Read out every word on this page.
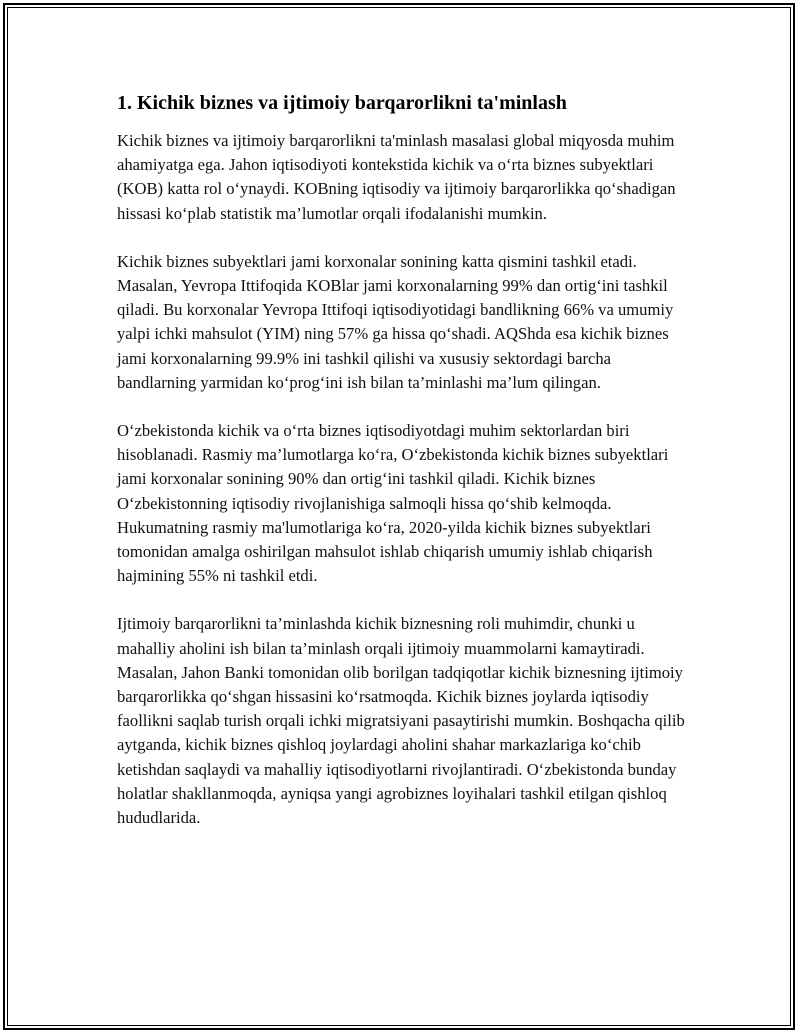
1. Kichik biznes va ijtimoiy barqarorlikni ta'minlash

Kichik biznes va ijtimoiy barqarorlikni ta'minlash masalasi global miqyosda muhim ahamiyatga ega. Jahon iqtisodiyoti kontekstida kichik va o‘rta biznes subyektlari (KOB) katta rol o‘ynaydi. KOBning iqtisodiy va ijtimoiy barqarorlikka qo‘shadigan hissasi ko‘plab statistik ma’lumotlar orqali ifodalanishi mumkin.

Kichik biznes subyektlari jami korxonalar sonining katta qismini tashkil etadi. Masalan, Yevropa Ittifoqida KOBlar jami korxonalarning 99% dan ortig‘ini tashkil qiladi. Bu korxonalar Yevropa Ittifoqi iqtisodiyotidagi bandlikning 66% va umumiy yalpi ichki mahsulot (YIM) ning 57% ga hissa qo‘shadi. AQShda esa kichik biznes jami korxonalarning 99.9% ini tashkil qilishi va xususiy sektordagi barcha bandlarning yarmidan ko‘prog‘ini ish bilan ta’minlashi ma’lum qilingan.

O‘zbekistonda kichik va o‘rta biznes iqtisodiyotdagi muhim sektorlardan biri hisoblanadi. Rasmiy ma’lumotlarga ko‘ra, O‘zbekistonda kichik biznes subyektlari jami korxonalar sonining 90% dan ortig‘ini tashkil qiladi. Kichik biznes O‘zbekistonning iqtisodiy rivojlanishiga salmoqli hissa qo‘shib kelmoqda. Hukumatning rasmiy ma'lumotlariga ko‘ra, 2020-yilda kichik biznes subyektlari tomonidan amalga oshirilgan mahsulot ishlab chiqarish umumiy ishlab chiqarish hajmining 55% ni tashkil etdi.

Ijtimoiy barqarorlikni ta’minlashda kichik biznesning roli muhimdir, chunki u mahalliy aholini ish bilan ta’minlash orqali ijtimoiy muammolarni kamaytiradi. Masalan, Jahon Banki tomonidan olib borilgan tadqiqotlar kichik biznesning ijtimoiy barqarorlikka qo‘shgan hissasini ko‘rsatmoqda. Kichik biznes joylarda iqtisodiy faollikni saqlab turish orqali ichki migratsiyani pasaytirishi mumkin. Boshqacha qilib aytganda, kichik biznes qishloq joylardagi aholini shahar markazlariga ko‘chib ketishdan saqlaydi va mahalliy iqtisodiyotlarni rivojlantiradi. O‘zbekistonda bunday holatlar shakllanmoqda, ayniqsa yangi agrobiznes loyihalari tashkil etilgan qishloq hududlarida.
